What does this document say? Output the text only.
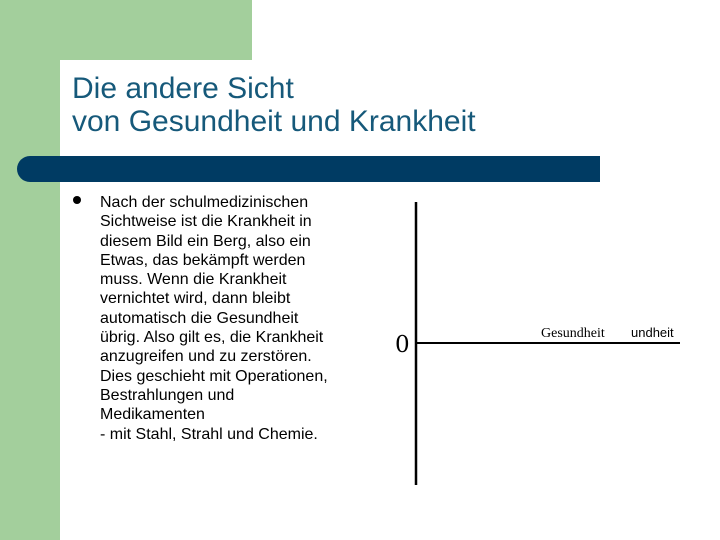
Die andere Sicht
von Gesundheit und Krankheit
Nach der schulmedizinischen
Sichtweise ist die Krankheit in
diesem Bild ein Berg, also ein
Etwas, das bekämpft werden
muss. Wenn die Krankheit
vernichtet wird, dann bleibt
automatisch die Gesundheit
übrig. Also gilt es, die Krankheit
anzugreifen und zu zerstören.
Dies geschieht mit Operationen,
Bestrahlungen und
Medikamenten
- mit Stahl, Strahl und Chemie.
0	Gesundheit undheit
